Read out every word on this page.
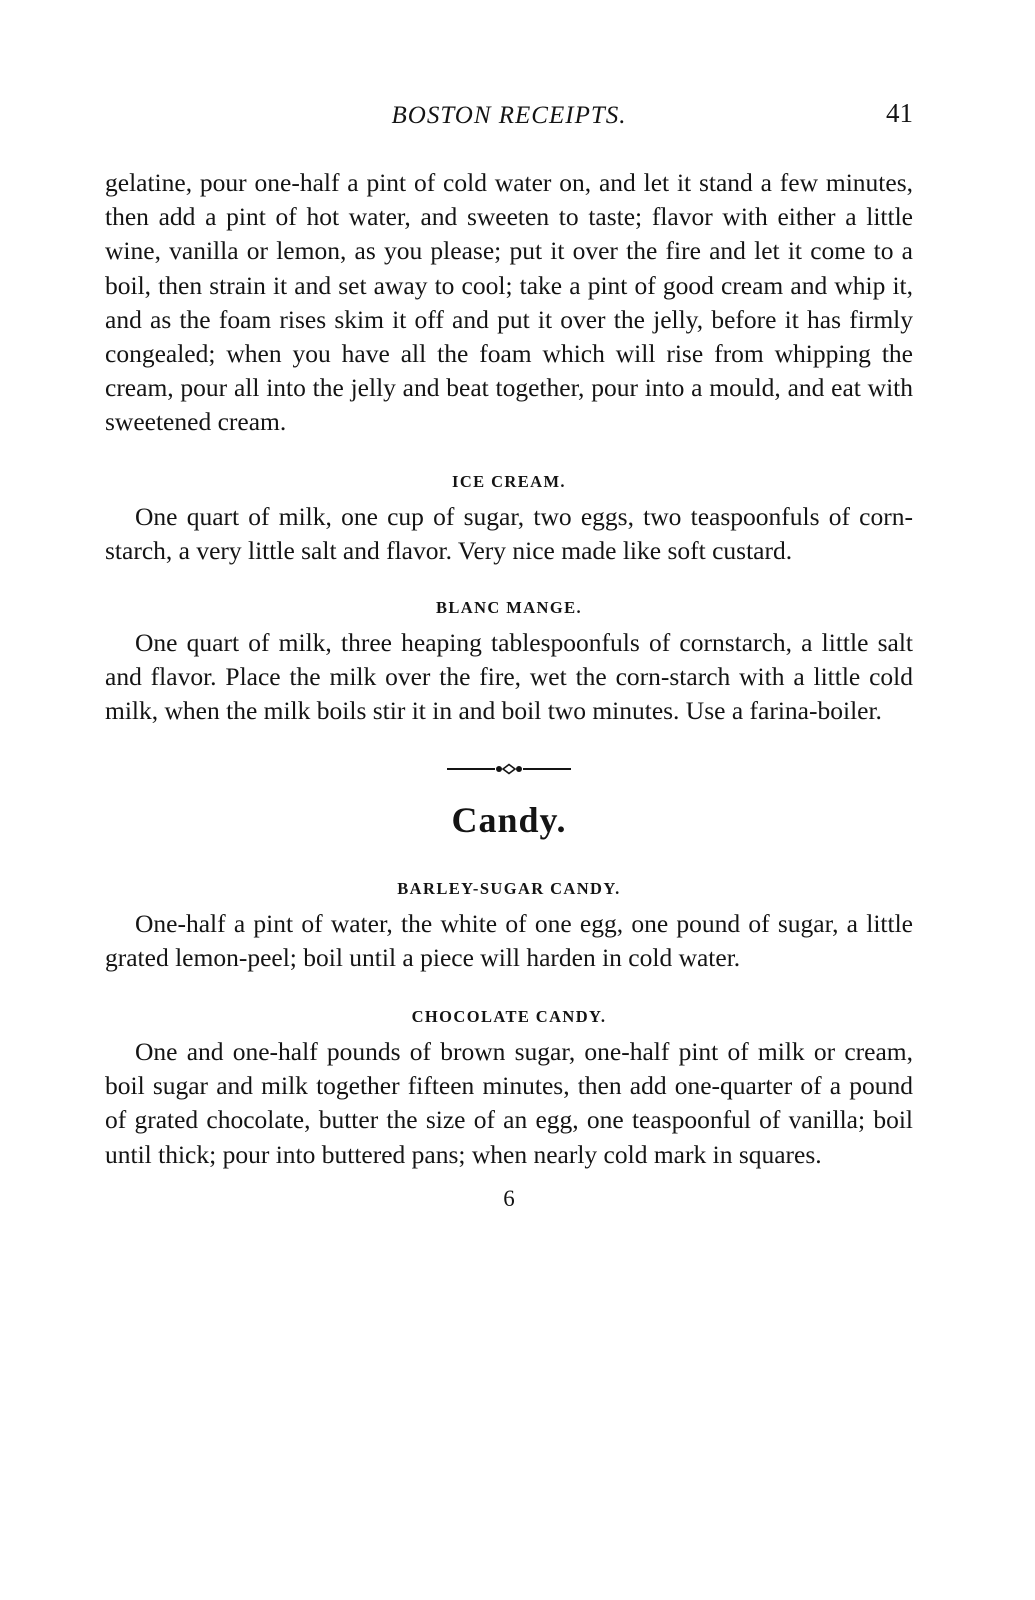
BOSTON RECEIPTS.	41

gelatine, pour one-half a pint of cold water on, and let it stand a few minutes, then add a pint of hot water, and sweeten to taste; flavor with either a little wine, vanilla or lemon, as you please; put it over the fire and let it come to a boil, then strain it and set away to cool; take a pint of good cream and whip it, and as the foam rises skim it off and put it over the jelly, before it has firmly congealed; when you have all the foam which will rise from whipping the cream, pour all into the jelly and beat together, pour into a mould, and eat with sweetened cream.

ICE CREAM.

One quart of milk, one cup of sugar, two eggs, two teaspoonfuls of corn-starch, a very little salt and flavor. Very nice made like soft custard.

BLANC MANGE.

One quart of milk, three heaping tablespoonfuls of cornstarch, a little salt and flavor. Place the milk over the fire, wet the corn-starch with a little cold milk, when the milk boils stir it in and boil two minutes. Use a farina-boiler.

Candy.
BARLEY-SUGAR CANDY.

One-half a pint of water, the white of one egg, one pound of sugar, a little grated lemon-peel; boil until a piece will harden in cold water.

CHOCOLATE CANDY.

One and one-half pounds of brown sugar, one-half pint of milk or cream, boil sugar and milk together fifteen minutes, then add one-quarter of a pound of grated chocolate, butter the size of an egg, one teaspoonful of vanilla; boil until thick; pour into buttered pans; when nearly cold mark in squares.

6
